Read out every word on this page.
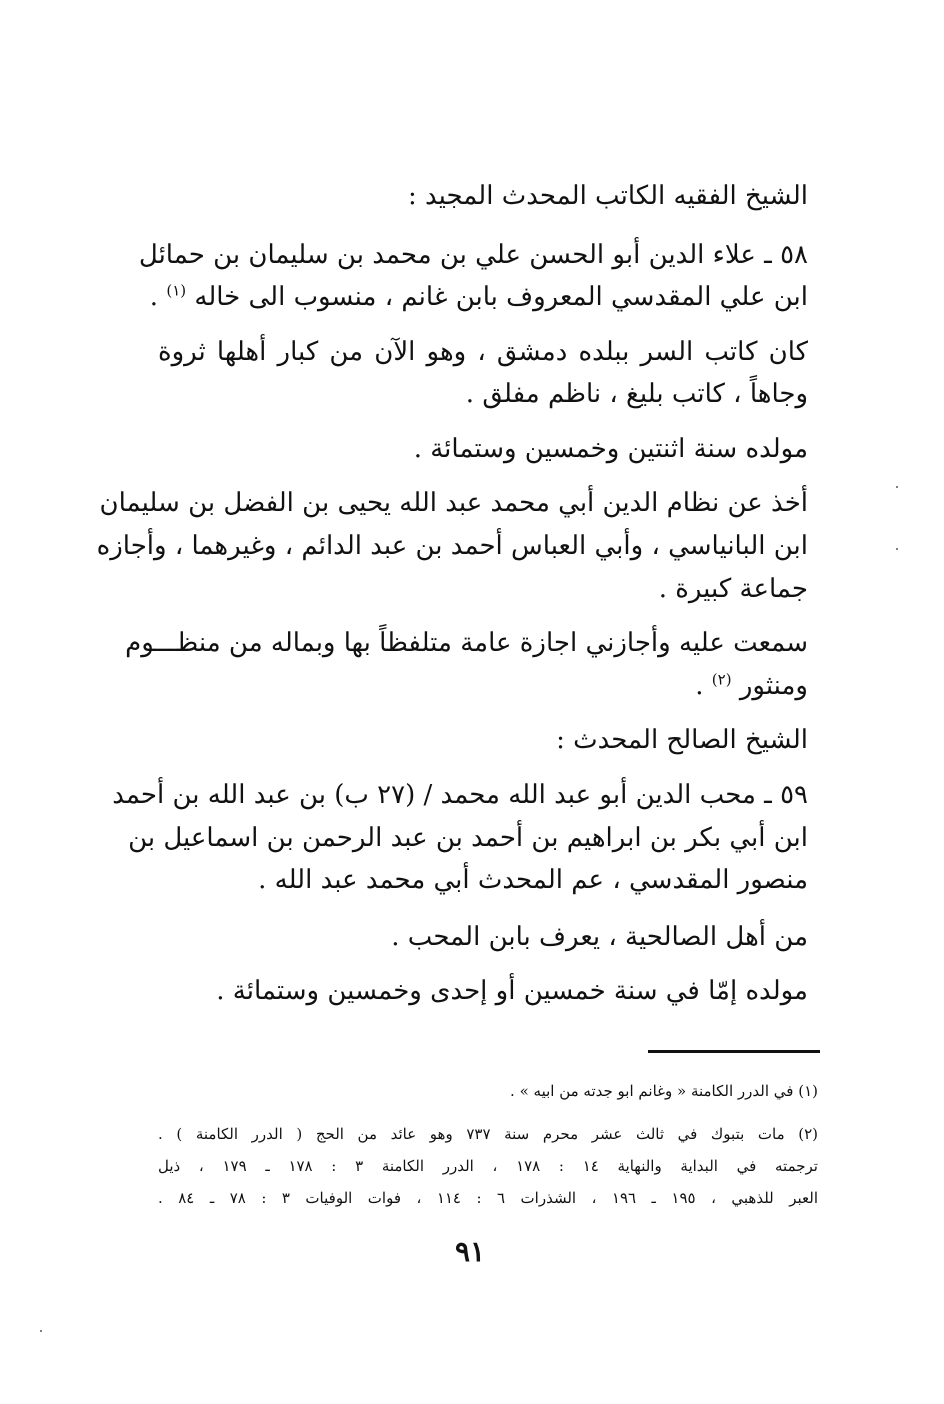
الشيخ الفقيه الكاتب المحدث المجيد :
٥٨ ـ علاء الدين أبو الحسن علي بن محمد بن سليمان بن حمائل
ابن علي المقدسي المعروف بابن غانم ، منسوب الى خاله $^{(١)}$ .
كان كاتب السر ببلده دمشق ، وهو الآن من كبار أهلها ثروة
وجاهاً ، كاتب بليغ ، ناظم مفلق .
مولده سنة اثنتين وخمسين وستمائة .
أخذ عن نظام الدين أبي محمد عبد الله يحيى بن الفضل بن سليمان
ابن البانياسي ، وأبي العباس أحمد بن عبد الدائم ، وغيرهما ، وأجازه
جماعة كبيرة .
سمعت عليه وأجازني اجازة عامة متلفظاً بها وبماله من منظـــوم
ومنثور $^{(٢)}$ .
الشيخ الصالح المحدث :
٥٩ ـ محب الدين أبو عبد الله محمد / (٢٧ ب) بن عبد الله بن أحمد
ابن أبي بكر بن ابراهيم بن أحمد بن عبد الرحمن بن اسماعيل بن
منصور المقدسي ، عم المحدث أبي محمد عبد الله .
من أهل الصالحية ، يعرف بابن المحب .
مولده إمّا في سنة خمسين أو إحدى وخمسين وستمائة .
(١) في الدرر الكامنة « وغانم ابو جدته من ابيه » .
(٢) مات بتبوك في ثالث عشر محرم سنة ٧٣٧ وهو عائد من الحج ( الدرر الكامنة ) .
ترجمته في البداية والنهاية ١٤ : ١٧٨ ، الدرر الكامنة ٣ : ١٧٨ ـ ١٧٩ ، ذيل
العبر للذهبي ، ١٩٥ ـ ١٩٦ ، الشذرات ٦ : ١١٤ ، فوات الوفيات ٣ : ٧٨ ـ ٨٤ .
٩١
